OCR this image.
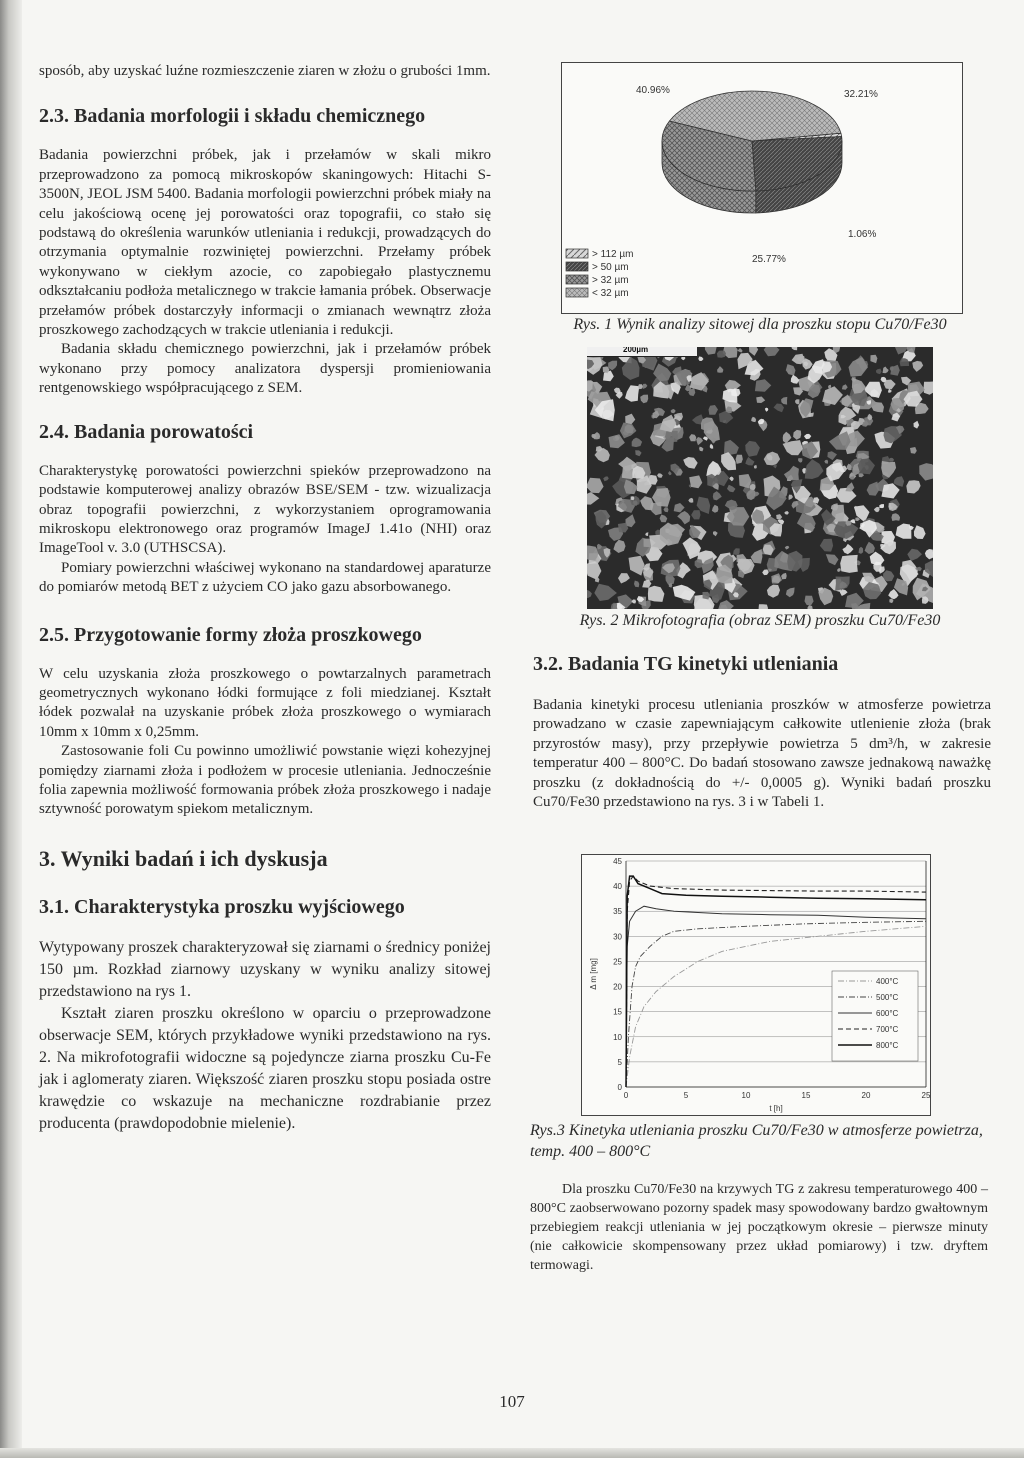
sposób, aby uzyskać luźne rozmieszczenie ziaren w złożu o grubości 1mm.

2.3. Badania morfologii i składu chemicznego

Badania powierzchni próbek, jak i przełamów w skali mikro przeprowadzono za pomocą mikroskopów skaningowych: Hitachi S-3500N, JEOL JSM 5400. Badania morfologii powierzchni próbek miały na celu jakościową ocenę jej porowatości oraz topografii, co stało się podstawą do określenia warunków utleniania i redukcji, prowadzących do otrzymania optymalnie rozwiniętej powierzchni. Przełamy próbek wykonywano w ciekłym azocie, co zapobiegało plastycznemu odkształcaniu podłoża metalicznego w trakcie łamania próbek. Obserwacje przełamów próbek dostarczyły informacji o zmianach wewnątrz złoża proszkowego zachodzących w trakcie utleniania i redukcji.

Badania składu chemicznego powierzchni, jak i przełamów próbek wykonano przy pomocy analizatora dyspersji promieniowania rentgenowskiego współpracującego z SEM.

2.4. Badania porowatości

Charakterystykę porowatości powierzchni spieków przeprowadzono na podstawie komputerowej analizy obrazów BSE/SEM - tzw. wizualizacja obraz topografii powierzchni, z wykorzystaniem oprogramowania mikroskopu elektronowego oraz programów ImageJ 1.41o (NHI) oraz ImageTool v. 3.0 (UTHSCSA).

Pomiary powierzchni właściwej wykonano na standardowej aparaturze do pomiarów metodą BET z użyciem CO jako gazu absorbowanego.

2.5. Przygotowanie formy złoża proszkowego

W celu uzyskania złoża proszkowego o powtarzalnych parametrach geometrycznych wykonano łódki formujące z foli miedzianej. Kształt łódek pozwalał na uzyskanie próbek złoża proszkowego o wymiarach 10mm x 10mm x 0,25mm.

Zastosowanie foli Cu powinno umożliwić powstanie więzi kohezyjnej pomiędzy ziarnami złoża i podłożem w procesie utleniania. Jednocześnie folia zapewnia możliwość formowania próbek złoża proszkowego i nadaje sztywność porowatym spiekom metalicznym.

3. Wyniki badań i ich dyskusja
3.1. Charakterystyka proszku wyjściowego

Wytypowany proszek charakteryzował się ziarnami o średnicy poniżej 150 µm. Rozkład ziarnowy uzyskany w wyniku analizy sitowej przedstawiono na rys 1.

Kształt ziaren proszku określono w oparciu o przeprowadzone obserwacje SEM, których przykładowe wyniki przedstawiono na rys. 2. Na mikrofotografii widoczne są pojedyncze ziarna proszku Cu-Fe jak i aglomeraty ziaren. Większość ziaren proszku stopu posiada ostre krawędzie co wskazuje na mechaniczne rozdrabianie przez producenta (prawdopodobnie mielenie).

1.06%
25.77%
32.21%
40.96%
> 112 µm
> 50 µm
> 32 µm
< 32 µm
Rys. 1 Wynik analizy sitowej dla proszku stopu Cu70/Fe30
200µm
Rys. 2 Mikrofotografia (obraz SEM) proszku Cu70/Fe30
3.2. Badania TG kinetyki utleniania

Badania kinetyki procesu utleniania proszków w atmosferze powietrza prowadzano w czasie zapewniającym całkowite utlenienie złoża (brak przyrostów masy), przy przepływie powietrza 5 dm³/h, w zakresie temperatur 400 – 800°C. Do badań stosowano zawsze jednakową naważkę proszku (z dokładnością do +/- 0,0005 g). Wyniki badań proszku Cu70/Fe30 przedstawiono na rys. 3 i w Tabeli 1.

0
5
10
15
20
25
30
35
40
45
0	5	10	15	20	25
t [h]
Δ m [mg]	400°C
500°C
600°C
700°C
800°C
Rys.3 Kinetyka utleniania proszku Cu70/Fe30 w atmosferze powietrza, temp. 400 – 800°C

Dla proszku Cu70/Fe30 na krzywych TG z zakresu temperaturowego 400 – 800°C zaobserwowano pozorny spadek masy spowodowany bardzo gwałtownym przebiegiem reakcji utleniania w jej początkowym okresie – pierwsze minuty (nie całkowicie skompensowany przez układ pomiarowy) i tzw. dryftem termowagi.

107
